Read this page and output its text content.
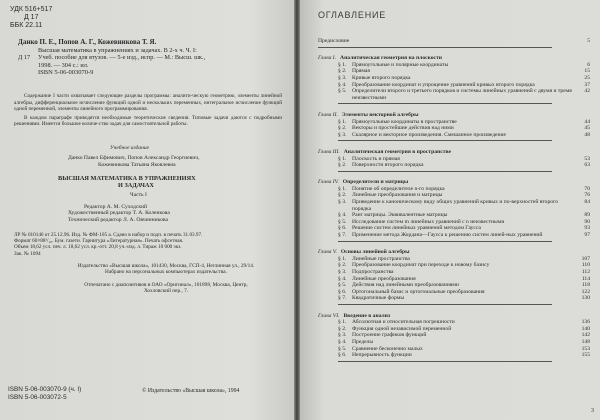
УДК 516+517
Д 17
ББК 22.11
Данко П. Е., Попов А. Г., Кожевникова Т. Я.
Высшая математика в упражнениях и задачах. В 2-х ч. Ч. I:
Д 17 Учеб. пособие для втузов. — 5-е изд., испр. — М.: Высш. шк.,
1998. — 304 с.: ил.
ISBN 5-06-003070-9

Содержание I части охватывает следующие разделы программы: аналити-ческую геометрию, элементы линейной алгебры, дифференциальное исчисление функций одной и нескольких переменных, интегральное исчисление функций одной переменной, элементы линейного программирования.

В каждом параграфе приводятся необходимые теоретические сведения. Типовые задачи даются с подробными решениями. Имеется большое количе-ство задач для самостоятельной работы.

Учебное издание
Данко Павел Ефимович, Попов Александр Георгиевич,
Кожевникова Татьяна Яковлевна
ВЫСШАЯ МАТЕМАТИКА В УПРАЖНЕНИЯХ
И ЗАДАЧАХ
Часть I
Редактор А. М. Суходский
Художественный редактор Т. А. Коленкова
Технический редактор Л. А. Овчинникова
ЛР № 010146 от 25.12.96. Изд. № ФМ-105 а. Сдано в набор и подп. в печать 31.03.97.
Формат 60×88¹/₁₆. Бум. газетн. Гарнитура «Литературная». Печать офсетная.
Объем 18,62 усл. печ. л. 18,62 усл. кр.-отт. 20,8 уч.-изд. л. Тираж 10 000 экз.
Зак. № 1094
Издательство «Высшая школа», 101430, Москва, ГСП-4, Неглинная ул., 29/14.
Набрано на персональных компьютерах издательства.
Отпечатано с диапозитивов в ОАО «Оригинал», 101898, Москва, Центр,
Хохловский пер., 7.
ISBN 5-06-003070-9 (ч. I)
ISBN 5-06-003072-5
© Издательство «Высшая школа», 1994
ОГЛАВЛЕНИЕ
Предисловие	5
Глава I. Аналитическая геометрия на плоскости
§ 1. Прямоугольные и полярные координаты	6
§ 2. Прямая	15
§ 3. Кривые второго порядка	25
§ 4. Преобразование координат и упрощение уравнений кривых второго порядка	37
§ 5. Определители второго и третьего порядков и системы линейных уравнений с двумя и тремя неизвестными
42
Глава II. Элементы векторной алгебры
§ 1. Прямоугольные координаты в пространстве	44
§ 2. Векторы и простейшие действия над ними	45
§ 3. Скалярное и векторное произведения. Смешанное произведение	48
Глава III. Аналитическая геометрия в пространстве
§ 1. Плоскость и прямая	53
§ 2. Поверхности второго порядка	63
Глава IV. Определители и матрицы
§ 1. Понятие об определителе n-го порядка	70
§ 2. Линейные преобразования и матрицы	76
§ 3. Приведение к каноническому виду общих уравнений кривых и по-верхностей второго порядка
84
§ 4. Ранг матрицы. Эквивалентные матрицы	89
§ 5. Исследование систем m линейных уравнений с n неизвестными	90
§ 6. Решение систем линейных уравнений методом Гаусса	93
§ 7. Применение метода Жордана—Гаусса к решению систем линей-ных уравнений	97
Глава V. Основы линейной алгебры
§ 1. Линейные пространства	107
§ 2. Преобразование координат при переходе к новому базису	110
§ 3. Подпространства	112
§ 4. Линейные преобразования	114
§ 5. Действия над линейными преобразованиями	118
§ 6. Ортогональный базис и ортогональные преобразования	122
§ 7. Квадратичные формы	130
Глава VI. Введение в анализ
§ 1. Абсолютная и относительная погрешности	136
§ 2. Функция одной независимой переменной	140
§ 3. Построение графиков функций	142
§ 4. Пределы	148
§ 5. Сравнение бесконечно малых	153
§ 6. Непрерывность функции	155
3
